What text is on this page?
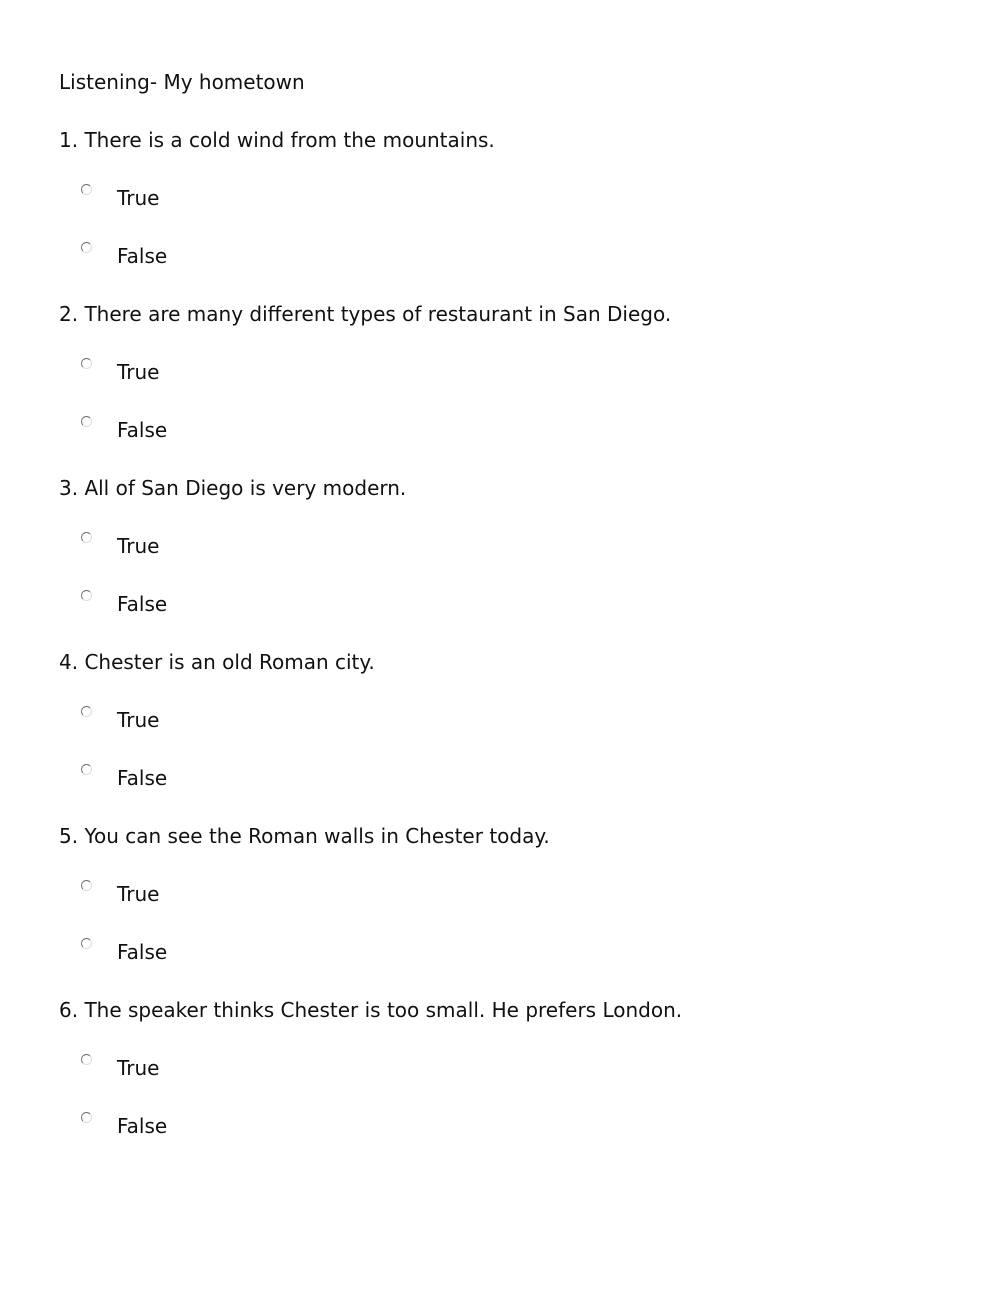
Listening- My hometown
1. There is a cold wind from the mountains.
True
False
2. There are many different types of restaurant in San Diego.
True
False
3. All of San Diego is very modern.
True
False
4. Chester is an old Roman city.
True
False
5. You can see the Roman walls in Chester today.
True
False
6. The speaker thinks Chester is too small. He prefers London.
True
False
